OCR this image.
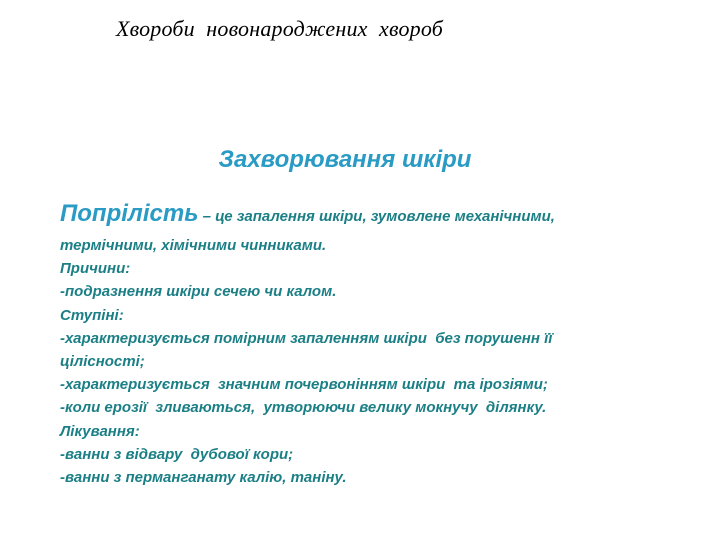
Хвороби  новонароджених  хвороб
Захворювання шкіри
Попрілість – це запалення шкіри, зумовлене механічними,
термічними, хімічними чинниками.
Причини:
-подразнення шкіри сечею чи калом.
Ступіні:
-характеризується помірним запаленням шкіри  без порушенн її
цілісності;
-характеризується  значним почервонінням шкіри  та ірозіями;
-коли ерозії  зливаються,  утворюючи велику мокнучу  ділянку.
Лікування:
-ванни з відвару  дубової кори;
-ванни з перманганату калію, таніну.
